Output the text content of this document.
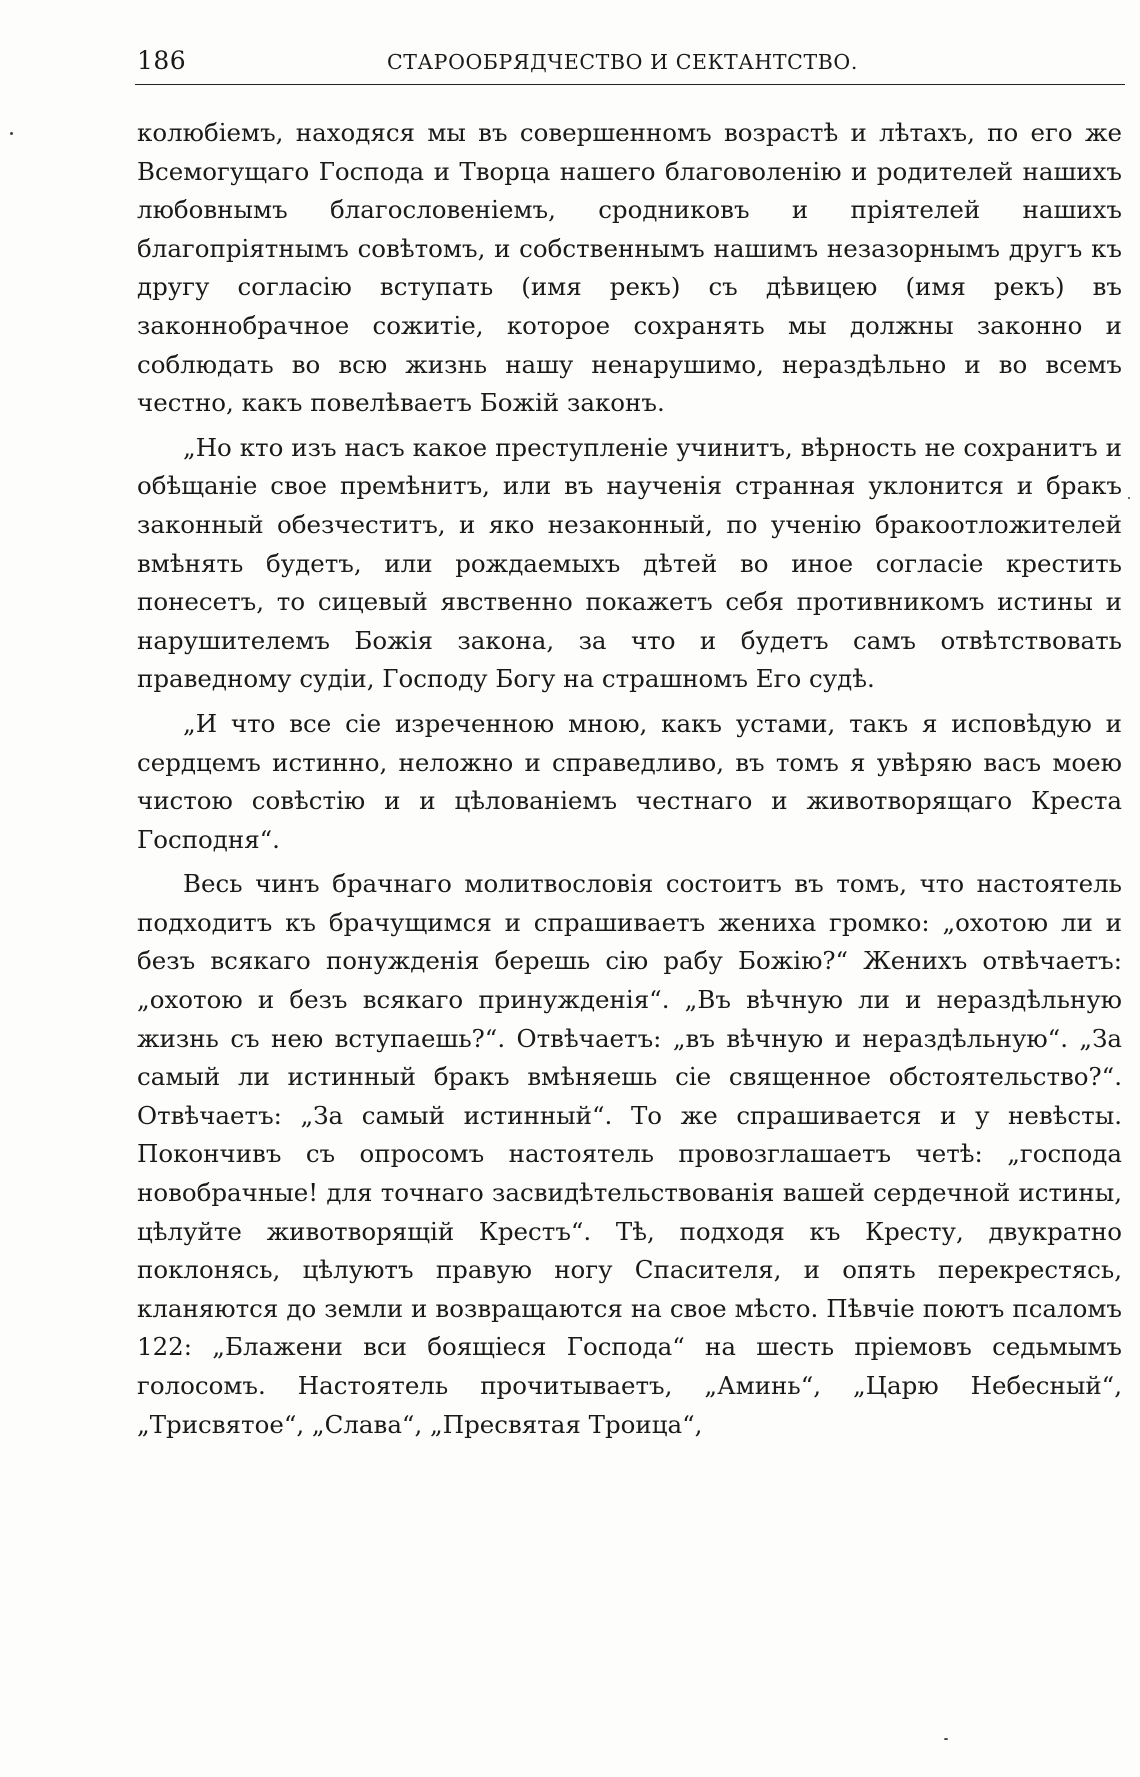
186	СТАРООБРЯДЧЕСТВО И СЕКТАНТСТВО.

колюбіемъ, находяся мы въ совершенномъ возрастѣ и лѣтахъ, по его же Всемогущаго Господа и Творца нашего благоволенію и родителей нашихъ любовнымъ благословеніемъ, сродниковъ и пріятелей нашихъ благопріятнымъ совѣтомъ, и собственнымъ нашимъ незазорнымъ другъ къ другу согласію вступать (имя рекъ) съ дѣвицею (имя рекъ) въ законнобрачное сожитіе, которое сохранять мы должны законно и соблюдать во всю жизнь нашу ненарушимо, нераздѣльно и во всемъ честно, какъ повелѣваетъ Божій законъ.

„Но кто изъ насъ какое преступленіе учинитъ, вѣрность не сохранитъ и обѣщаніе свое премѣнитъ, или въ наученія странная уклонится и бракъ законный обезчеститъ, и яко незаконный, по ученію бракоотложителей вмѣнять будетъ, или рождаемыхъ дѣтей во иное согласіе крестить понесетъ, то сицевый явственно покажетъ себя противникомъ истины и нарушителемъ Божія закона, за что и будетъ самъ отвѣтствовать праведному судіи, Господу Богу на страшномъ Его судѣ.

„И что все сіе изреченною мною, какъ устами, такъ я исповѣдую и сердцемъ истинно, неложно и справедливо, въ томъ я увѣряю васъ моею чистою совѣстію и и цѣлованіемъ честнаго и животворящаго Креста Господня“.

Весь чинъ брачнаго молитвословія состоитъ въ томъ, что настоятель подходитъ къ брачущимся и спрашиваетъ жениха громко: „охотою ли и безъ всякаго понужденія берешь сію рабу Божію?“ Женихъ отвѣчаетъ: „охотою и безъ всякаго принужденія“. „Въ вѣчную ли и нераздѣльную жизнь съ нею вступаешь?“. Отвѣчаетъ: „въ вѣчную и нераздѣльную“. „За самый ли истинный бракъ вмѣняешь сіе священное обстоятельство?“. Отвѣчаетъ: „За самый истинный“. То же спрашивается и у невѣсты. Покончивъ съ опросомъ настоятель провозглашаетъ четѣ: „господа новобрачные! для точнаго засвидѣтельствованія вашей сердечной истины, цѣлуйте животворящій Крестъ“. Тѣ, подходя къ Кресту, двукратно поклонясь, цѣлуютъ правую ногу Спасителя, и опять перекрестясь, кланяются до земли и возвращаются на свое мѣсто. Пѣвчіе поютъ псаломъ 122: „Блажени вси боящіеся Господа“ на шесть пріемовъ седьмымъ голосомъ. Настоятель прочитываетъ, „Аминь“, „Царю Небесный“, „Трисвятое“, „Слава“, „Пресвятая Троица“,
